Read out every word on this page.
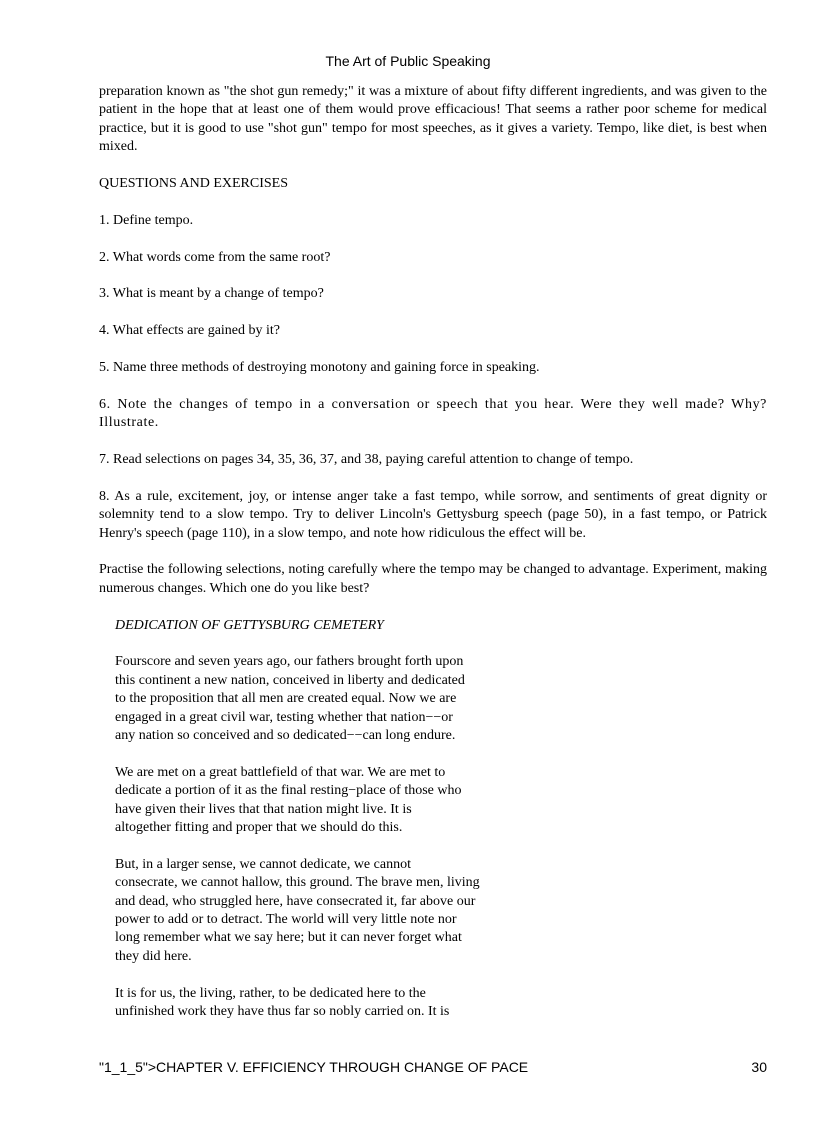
The Art of Public Speaking

preparation known as "the shot gun remedy;" it was a mixture of about fifty different ingredients, and was given to the patient in the hope that at least one of them would prove efficacious! That seems a rather poor scheme for medical practice, but it is good to use "shot gun" tempo for most speeches, as it gives a variety. Tempo, like diet, is best when mixed.

QUESTIONS AND EXERCISES

1. Define tempo.

2. What words come from the same root?

3. What is meant by a change of tempo?

4. What effects are gained by it?

5. Name three methods of destroying monotony and gaining force in speaking.

6. Note the changes of tempo in a conversation or speech that you hear. Were they well made? Why? Illustrate.

7. Read selections on pages 34, 35, 36, 37, and 38, paying careful attention to change of tempo.

8. As a rule, excitement, joy, or intense anger take a fast tempo, while sorrow, and sentiments of great dignity or solemnity tend to a slow tempo. Try to deliver Lincoln's Gettysburg speech (page 50), in a fast tempo, or Patrick Henry's speech (page 110), in a slow tempo, and note how ridiculous the effect will be.

Practise the following selections, noting carefully where the tempo may be changed to advantage. Experiment, making numerous changes. Which one do you like best?

DEDICATION OF GETTYSBURG CEMETERY

Fourscore and seven years ago, our fathers brought forth upon
this continent a new nation, conceived in liberty and dedicated
to the proposition that all men are created equal. Now we are
engaged in a great civil war, testing whether that nation−−or
any nation so conceived and so dedicated−−can long endure.
We are met on a great battlefield of that war. We are met to
dedicate a portion of it as the final resting−place of those who
have given their lives that that nation might live. It is
altogether fitting and proper that we should do this.
But, in a larger sense, we cannot dedicate, we cannot
consecrate, we cannot hallow, this ground. The brave men, living
and dead, who struggled here, have consecrated it, far above our
power to add or to detract. The world will very little note nor
long remember what we say here; but it can never forget what
they did here.
It is for us, the living, rather, to be dedicated here to the
unfinished work they have thus far so nobly carried on. It is
"1_1_5">CHAPTER V. EFFICIENCY THROUGH CHANGE OF PACE	30
